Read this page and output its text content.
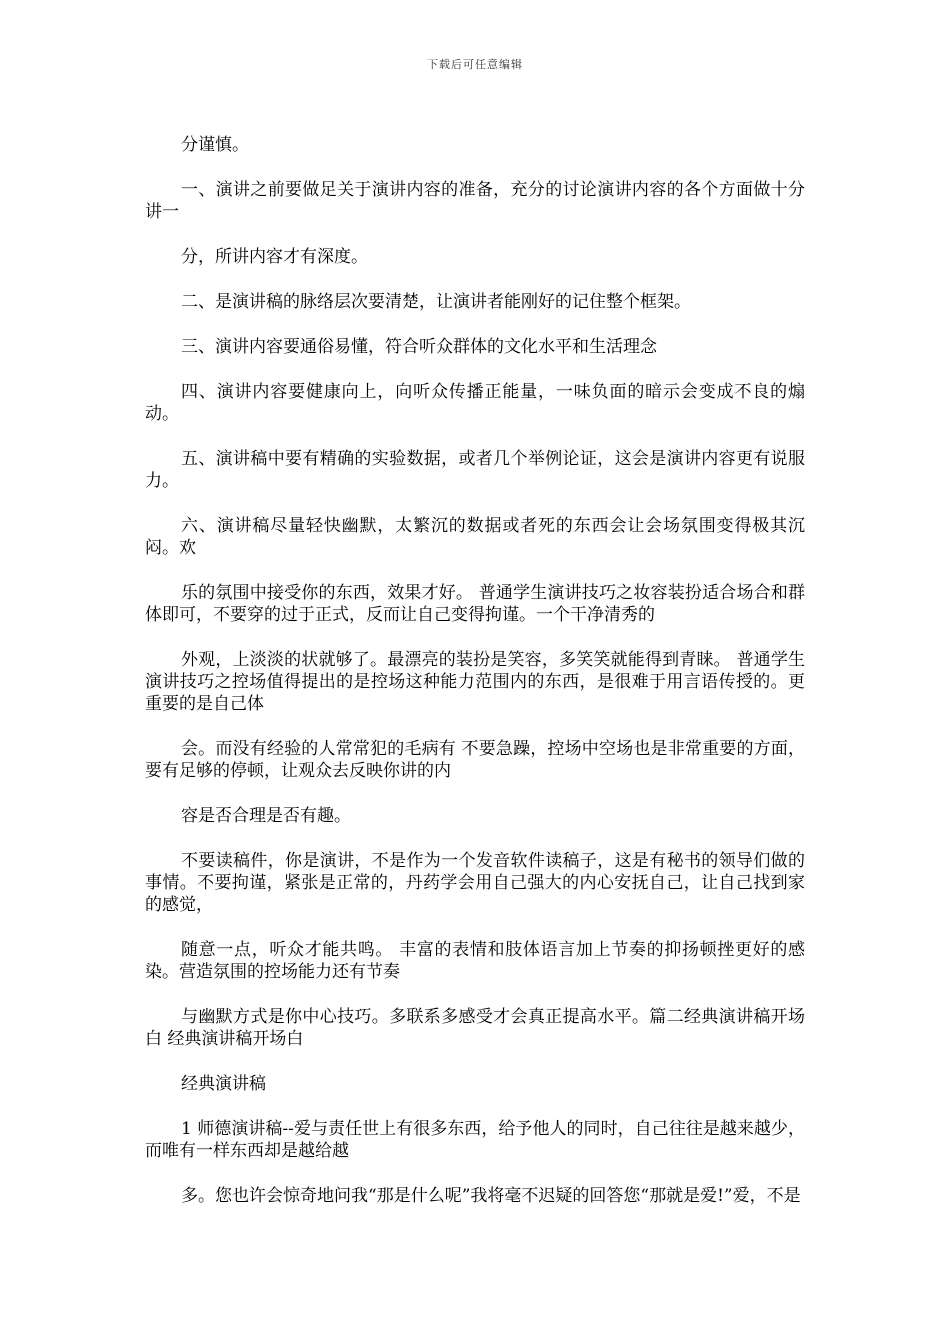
下载后可任意编辑

分谨慎。

一、演讲之前要做足关于演讲内容的准备，充分的讨论演讲内容的各个方面做十分讲一

分，所讲内容才有深度。

二、是演讲稿的脉络层次要清楚，让演讲者能刚好的记住整个框架。

三、演讲内容要通俗易懂，符合听众群体的文化水平和生活理念

四、演讲内容要健康向上，向听众传播正能量，一味负面的暗示会变成不良的煽动。

五、演讲稿中要有精确的实验数据，或者几个举例论证，这会是演讲内容更有说服力。

六、演讲稿尽量轻快幽默，太繁沉的数据或者死的东西会让会场氛围变得极其沉闷。欢

乐的氛围中接受你的东西，效果才好。 普通学生演讲技巧之妆容装扮适合场合和群体即可，不要穿的过于正式，反而让自己变得拘谨。一个干净清秀的

外观，上淡淡的状就够了。最漂亮的装扮是笑容，多笑笑就能得到青睐。 普通学生演讲技巧之控场值得提出的是控场这种能力范围内的东西，是很难于用言语传授的。更重要的是自己体

会。而没有经验的人常常犯的毛病有 不要急躁，控场中空场也是非常重要的方面，要有足够的停顿，让观众去反映你讲的内

容是否合理是否有趣。

不要读稿件，你是演讲，不是作为一个发音软件读稿子，这是有秘书的领导们做的事情。不要拘谨，紧张是正常的，丹药学会用自己强大的内心安抚自己，让自己找到家的感觉，

随意一点，听众才能共鸣。 丰富的表情和肢体语言加上节奏的抑扬顿挫更好的感染。营造氛围的控场能力还有节奏

与幽默方式是你中心技巧。多联系多感受才会真正提高水平。篇二经典演讲稿开场白 经典演讲稿开场白

经典演讲稿

1 师德演讲稿--爱与责任世上有很多东西，给予他人的同时，自己往往是越来越少，而唯有一样东西却是越给越

多。您也许会惊奇地问我“那是什么呢”我将毫不迟疑的回答您“那就是爱!”爱，不是
